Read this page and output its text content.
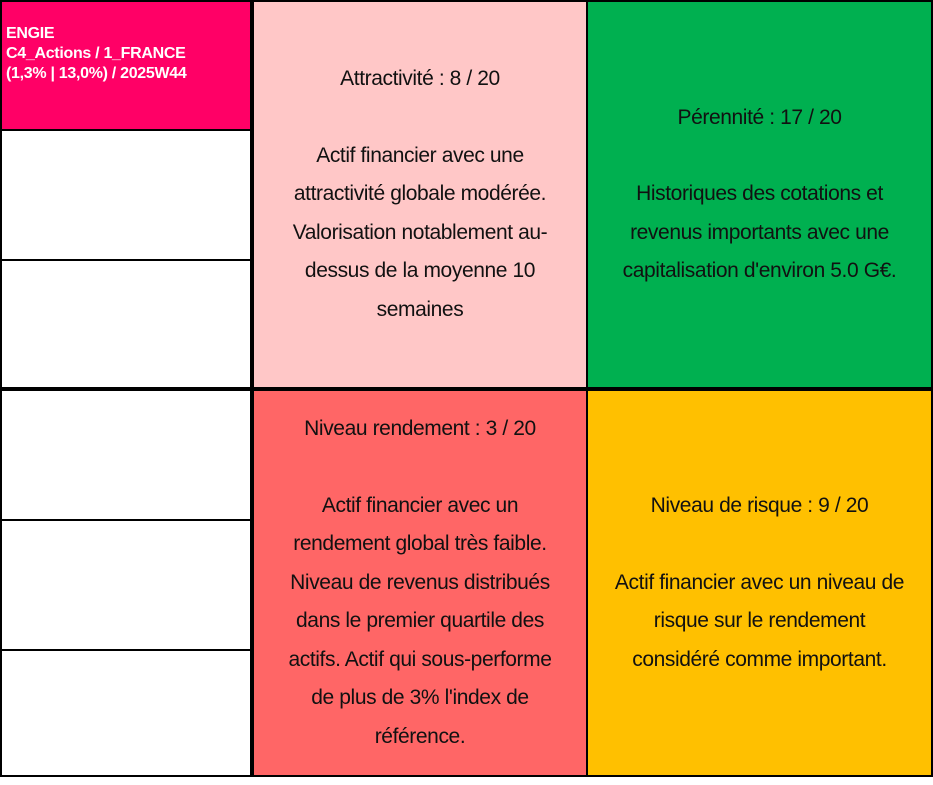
ENGIE
C4_Actions / 1_FRANCE
(1,3% | 13,0%) / 2025W44	Attractivité : 8 / 20
Actif financier avec une
attractivité globale modérée.
Valorisation notablement au-
dessus de la moyenne 10
semaines
Pérennité : 17 / 20
Historiques des cotations et
revenus importants avec une
capitalisation d'environ 5.0 G€.
Niveau rendement : 3 / 20
Actif financier avec un
rendement global très faible.
Niveau de revenus distribués
dans le premier quartile des
actifs. Actif qui sous-performe
de plus de 3% l'index de
référence.
Niveau de risque : 9 / 20
Actif financier avec un niveau de
risque sur le rendement
considéré comme important.
